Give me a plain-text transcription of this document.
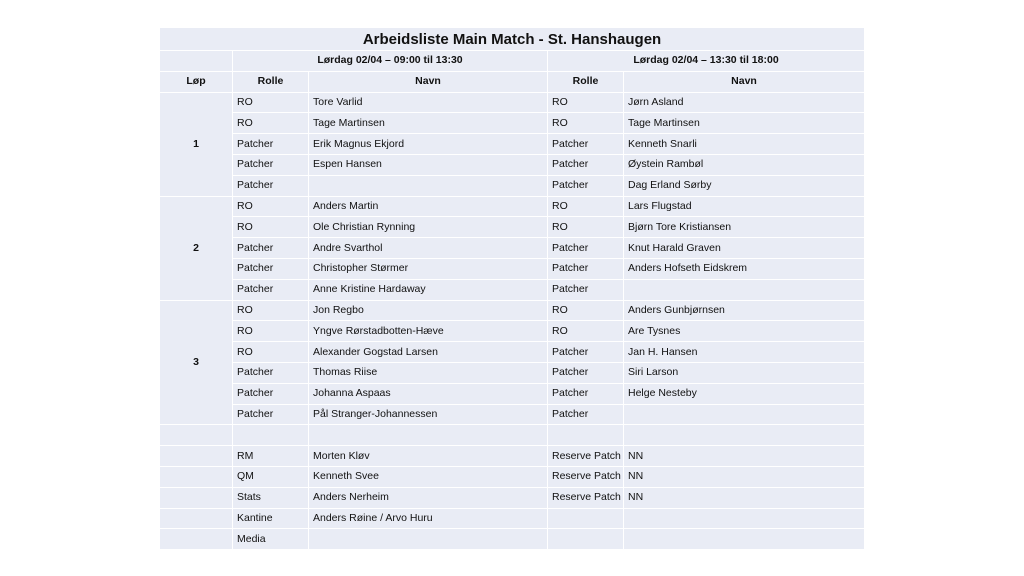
Arbeidsliste Main Match - St. Hanshaugen				
	Lørdag 02/04 – 09:00 til 13:30		Lørdag 02/04 – 13:30 til 18:00	
Løp	Rolle	Navn	Rolle	Navn
1	RO	Tore Varlid	RO	Jørn Asland
	RO	Tage Martinsen	RO	Tage Martinsen
	Patcher	Erik Magnus Ekjord	Patcher	Kenneth Snarli
	Patcher	Espen Hansen	Patcher	Øystein Rambøl
	Patcher		Patcher	Dag Erland Sørby
2	RO	Anders Martin	RO	Lars Flugstad
	RO	Ole Christian Rynning	RO	Bjørn Tore Kristiansen
	Patcher	Andre Svarthol	Patcher	Knut Harald Graven
	Patcher	Christopher Størmer	Patcher	Anders Hofseth Eidskrem
	Patcher	Anne Kristine Hardaway	Patcher	
3	RO	Jon Regbo	RO	Anders Gunbjørnsen
	RO	Yngve Rørstadbotten-Hæve	RO	Are Tysnes
	RO	Alexander Gogstad Larsen	Patcher	Jan H. Hansen
	Patcher	Thomas Riise	Patcher	Siri Larson
	Patcher	Johanna Aspaas	Patcher	Helge Nesteby
	Patcher	Pål Stranger-Johannessen	Patcher	

	RM	Morten Kløv	Reserve Patch	NN
	QM	Kenneth Svee	Reserve Patch	NN
	Stats	Anders Nerheim	Reserve Patch	NN
	Kantine	Anders Røine / Arvo Huru		
	Media			
